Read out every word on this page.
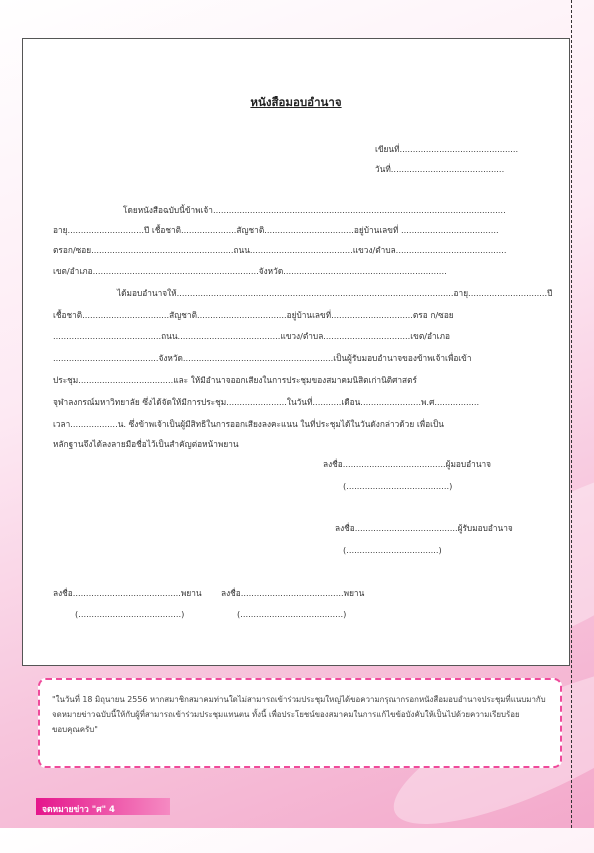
หนังสือมอบอำนาจ
เขียนที่.............................................
วันที่...........................................
โดยหนังสือฉบับนี้ข้าพเจ้า...............................................................................................................
อายุ.............................ปี เชื้อชาติ.....................สัญชาติ..................................อยู่บ้านเลขที่ .....................................
ตรอก/ซอย......................................................ถนน.......................................แขวง/ตำบล..........................................
เขต/อำเภอ...............................................................จังหวัด..............................................................
ได้มอบอำนาจให้.........................................................................................................อายุ..............................ปี
เชื้อชาติ.................................สัญชาติ..................................อยู่บ้านเลขที่...............................ตรอ ก/ซอย
.........................................ถนน.......................................แขวง/ตำบล.................................เขต/อำเภอ
........................................จังหวัด.........................................................เป็นผู้รับมอบอำนาจของข้าพเจ้าเพื่อเข้า
ประชุม....................................และ ให้มีอำนาจออกเสียงในการประชุมของสมาคมนิสิตเก่านิติศาสตร์
จุฬาลงกรณ์มหาวิทยาลัย ซึ่งได้จัดให้มีการประชุม.......................ในวันที่...........เดือน.......................พ.ศ.................
เวลา..................น. ซึ่งข้าพเจ้าเป็นผู้มีสิทธิในการออกเสียงลงคะแนน ในที่ประชุมได้ในวันดังกล่าวด้วย เพื่อเป็น
หลักฐานจึงได้ลงลายมือชื่อไว้เป็นสำคัญต่อหน้าพยาน
ลงชื่อ.......................................ผู้มอบอำนาจ
(.......................................)
ลงชื่อ.......................................ผู้รับมอบอำนาจ
(...................................)
ลงชื่อ.........................................พยาน
(.......................................)
ลงชื่อ.......................................พยาน
(.......................................)
"ในวันที่ 18 มิถุนายน 2556 หากสมาชิกสมาคมท่านใดไม่สามารถเข้าร่วมประชุมใหญ่ได้ขอความกรุณากรอกหนังสือมอบอำนาจประชุมที่แนบมากับจดหมายข่าวฉบับนี้ให้กับผู้ที่สามารถเข้าร่วมประชุมแทนตน ทั้งนี้ เพื่อประโยชน์ของสมาคมในการแก้ไขข้อบังคับให้เป็นไปด้วยความเรียบร้อย ขอบคุณครับ"
จดหมายข่าว "ศ" 4
